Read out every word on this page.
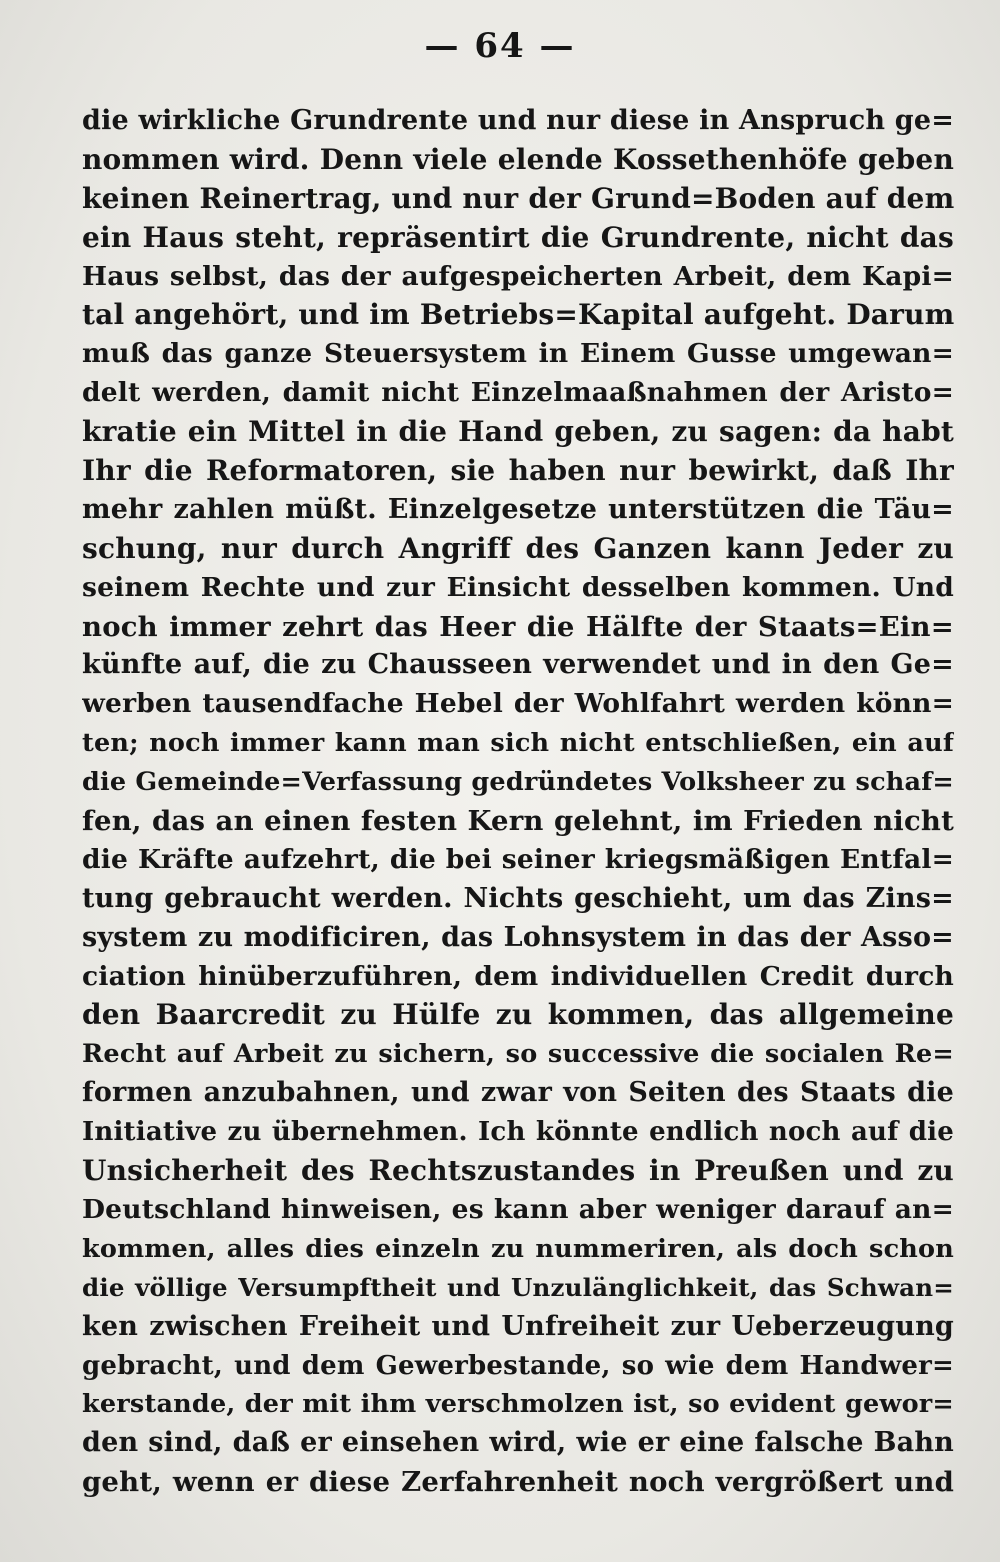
— 64 —
die wirkliche Grundrente und nur diese in Anspruch ge=
nommen wird. Denn viele elende Kossethenhöfe geben
keinen Reinertrag, und nur der Grund=Boden auf dem
ein Haus steht, repräsentirt die Grundrente, nicht das
Haus selbst, das der aufgespeicherten Arbeit, dem Kapi=
tal angehört, und im Betriebs=Kapital aufgeht. Darum
muß das ganze Steuersystem in Einem Gusse umgewan=
delt werden, damit nicht Einzelmaaßnahmen der Aristo=
kratie ein Mittel in die Hand geben, zu sagen: da habt
Ihr die Reformatoren, sie haben nur bewirkt, daß Ihr
mehr zahlen müßt. Einzelgesetze unterstützen die Täu=
schung, nur durch Angriff des Ganzen kann Jeder zu
seinem Rechte und zur Einsicht desselben kommen. Und
noch immer zehrt das Heer die Hälfte der Staats=Ein=
künfte auf, die zu Chausseen verwendet und in den Ge=
werben tausendfache Hebel der Wohlfahrt werden könn=
ten; noch immer kann man sich nicht entschließen, ein auf
die Gemeinde=Verfassung gedründetes Volksheer zu schaf=
fen, das an einen festen Kern gelehnt, im Frieden nicht
die Kräfte aufzehrt, die bei seiner kriegsmäßigen Entfal=
tung gebraucht werden. Nichts geschieht, um das Zins=
system zu modificiren, das Lohnsystem in das der Asso=
ciation hinüberzuführen, dem individuellen Credit durch
den Baarcredit zu Hülfe zu kommen, das allgemeine
Recht auf Arbeit zu sichern, so successive die socialen Re=
formen anzubahnen, und zwar von Seiten des Staats die
Initiative zu übernehmen. Ich könnte endlich noch auf die
Unsicherheit des Rechtszustandes in Preußen und zu
Deutschland hinweisen, es kann aber weniger darauf an=
kommen, alles dies einzeln zu nummeriren, als doch schon
die völlige Versumpftheit und Unzulänglichkeit, das Schwan=
ken zwischen Freiheit und Unfreiheit zur Ueberzeugung
gebracht, und dem Gewerbestande, so wie dem Handwer=
kerstande, der mit ihm verschmolzen ist, so evident gewor=
den sind, daß er einsehen wird, wie er eine falsche Bahn
geht, wenn er diese Zerfahrenheit noch vergrößert und
